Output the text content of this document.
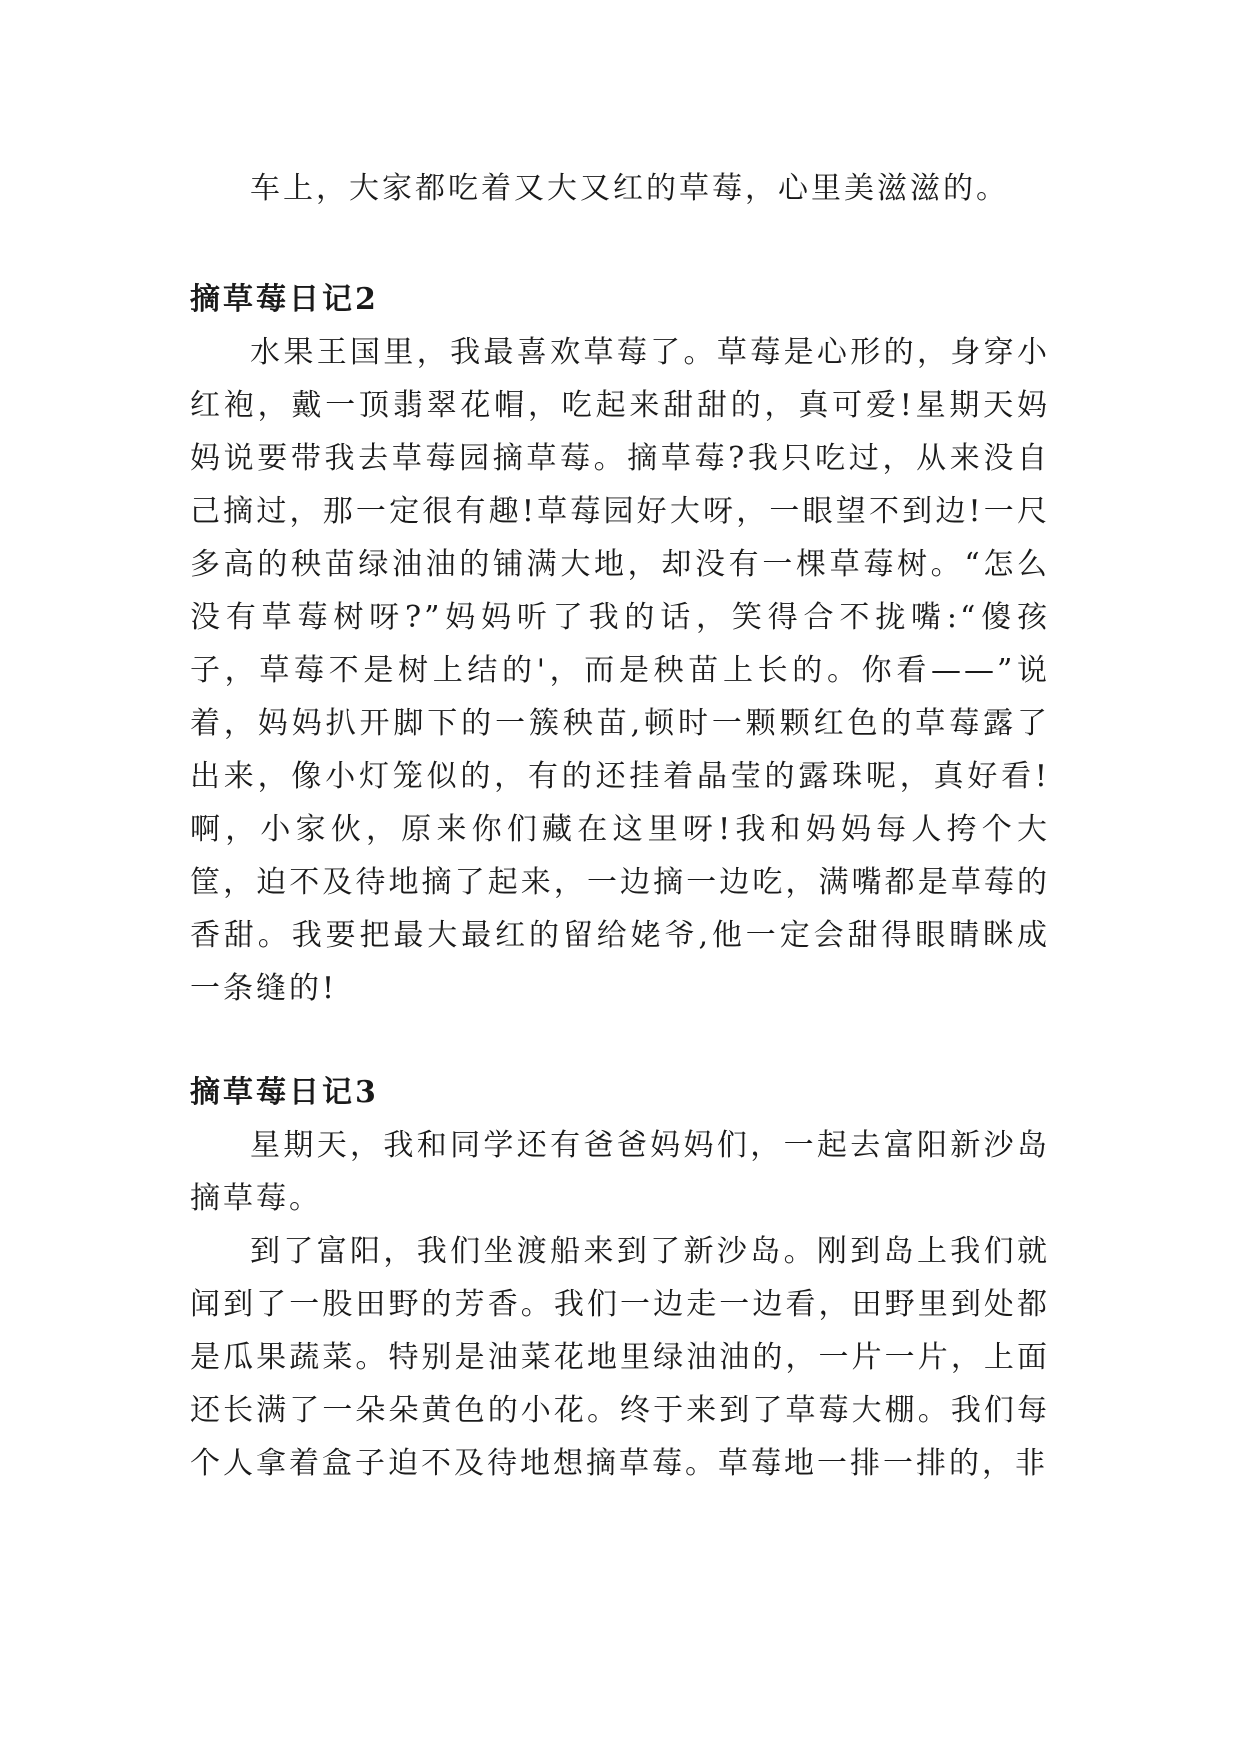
车上，大家都吃着又大又红的草莓，心里美滋滋的。

摘草莓日记2

水果王国里，我最喜欢草莓了。草莓是心形的，身穿小红袍，戴一顶翡翠花帽，吃起来甜甜的，真可爱!星期天妈妈说要带我去草莓园摘草莓。摘草莓?我只吃过，从来没自己摘过，那一定很有趣!草莓园好大呀，一眼望不到边!一尺多高的秧苗绿油油的铺满大地，却没有一棵草莓树。“怎么没有草莓树呀?”妈妈听了我的话，笑得合不拢嘴:“傻孩子，草莓不是树上结的'，而是秧苗上长的。你看——”说着，妈妈扒开脚下的一簇秧苗,顿时一颗颗红色的草莓露了出来，像小灯笼似的，有的还挂着晶莹的露珠呢，真好看!啊，小家伙，原来你们藏在这里呀!我和妈妈每人挎个大筐，迫不及待地摘了起来，一边摘一边吃，满嘴都是草莓的香甜。我要把最大最红的留给姥爷,他一定会甜得眼睛眯成一条缝的!

摘草莓日记3

星期天，我和同学还有爸爸妈妈们，一起去富阳新沙岛摘草莓。

到了富阳，我们坐渡船来到了新沙岛。刚到岛上我们就闻到了一股田野的芳香。我们一边走一边看，田野里到处都是瓜果蔬菜。特别是油菜花地里绿油油的，一片一片，上面还长满了一朵朵黄色的小花。终于来到了草莓大棚。我们每个人拿着盒子迫不及待地想摘草莓。草莓地一排一排的，非
